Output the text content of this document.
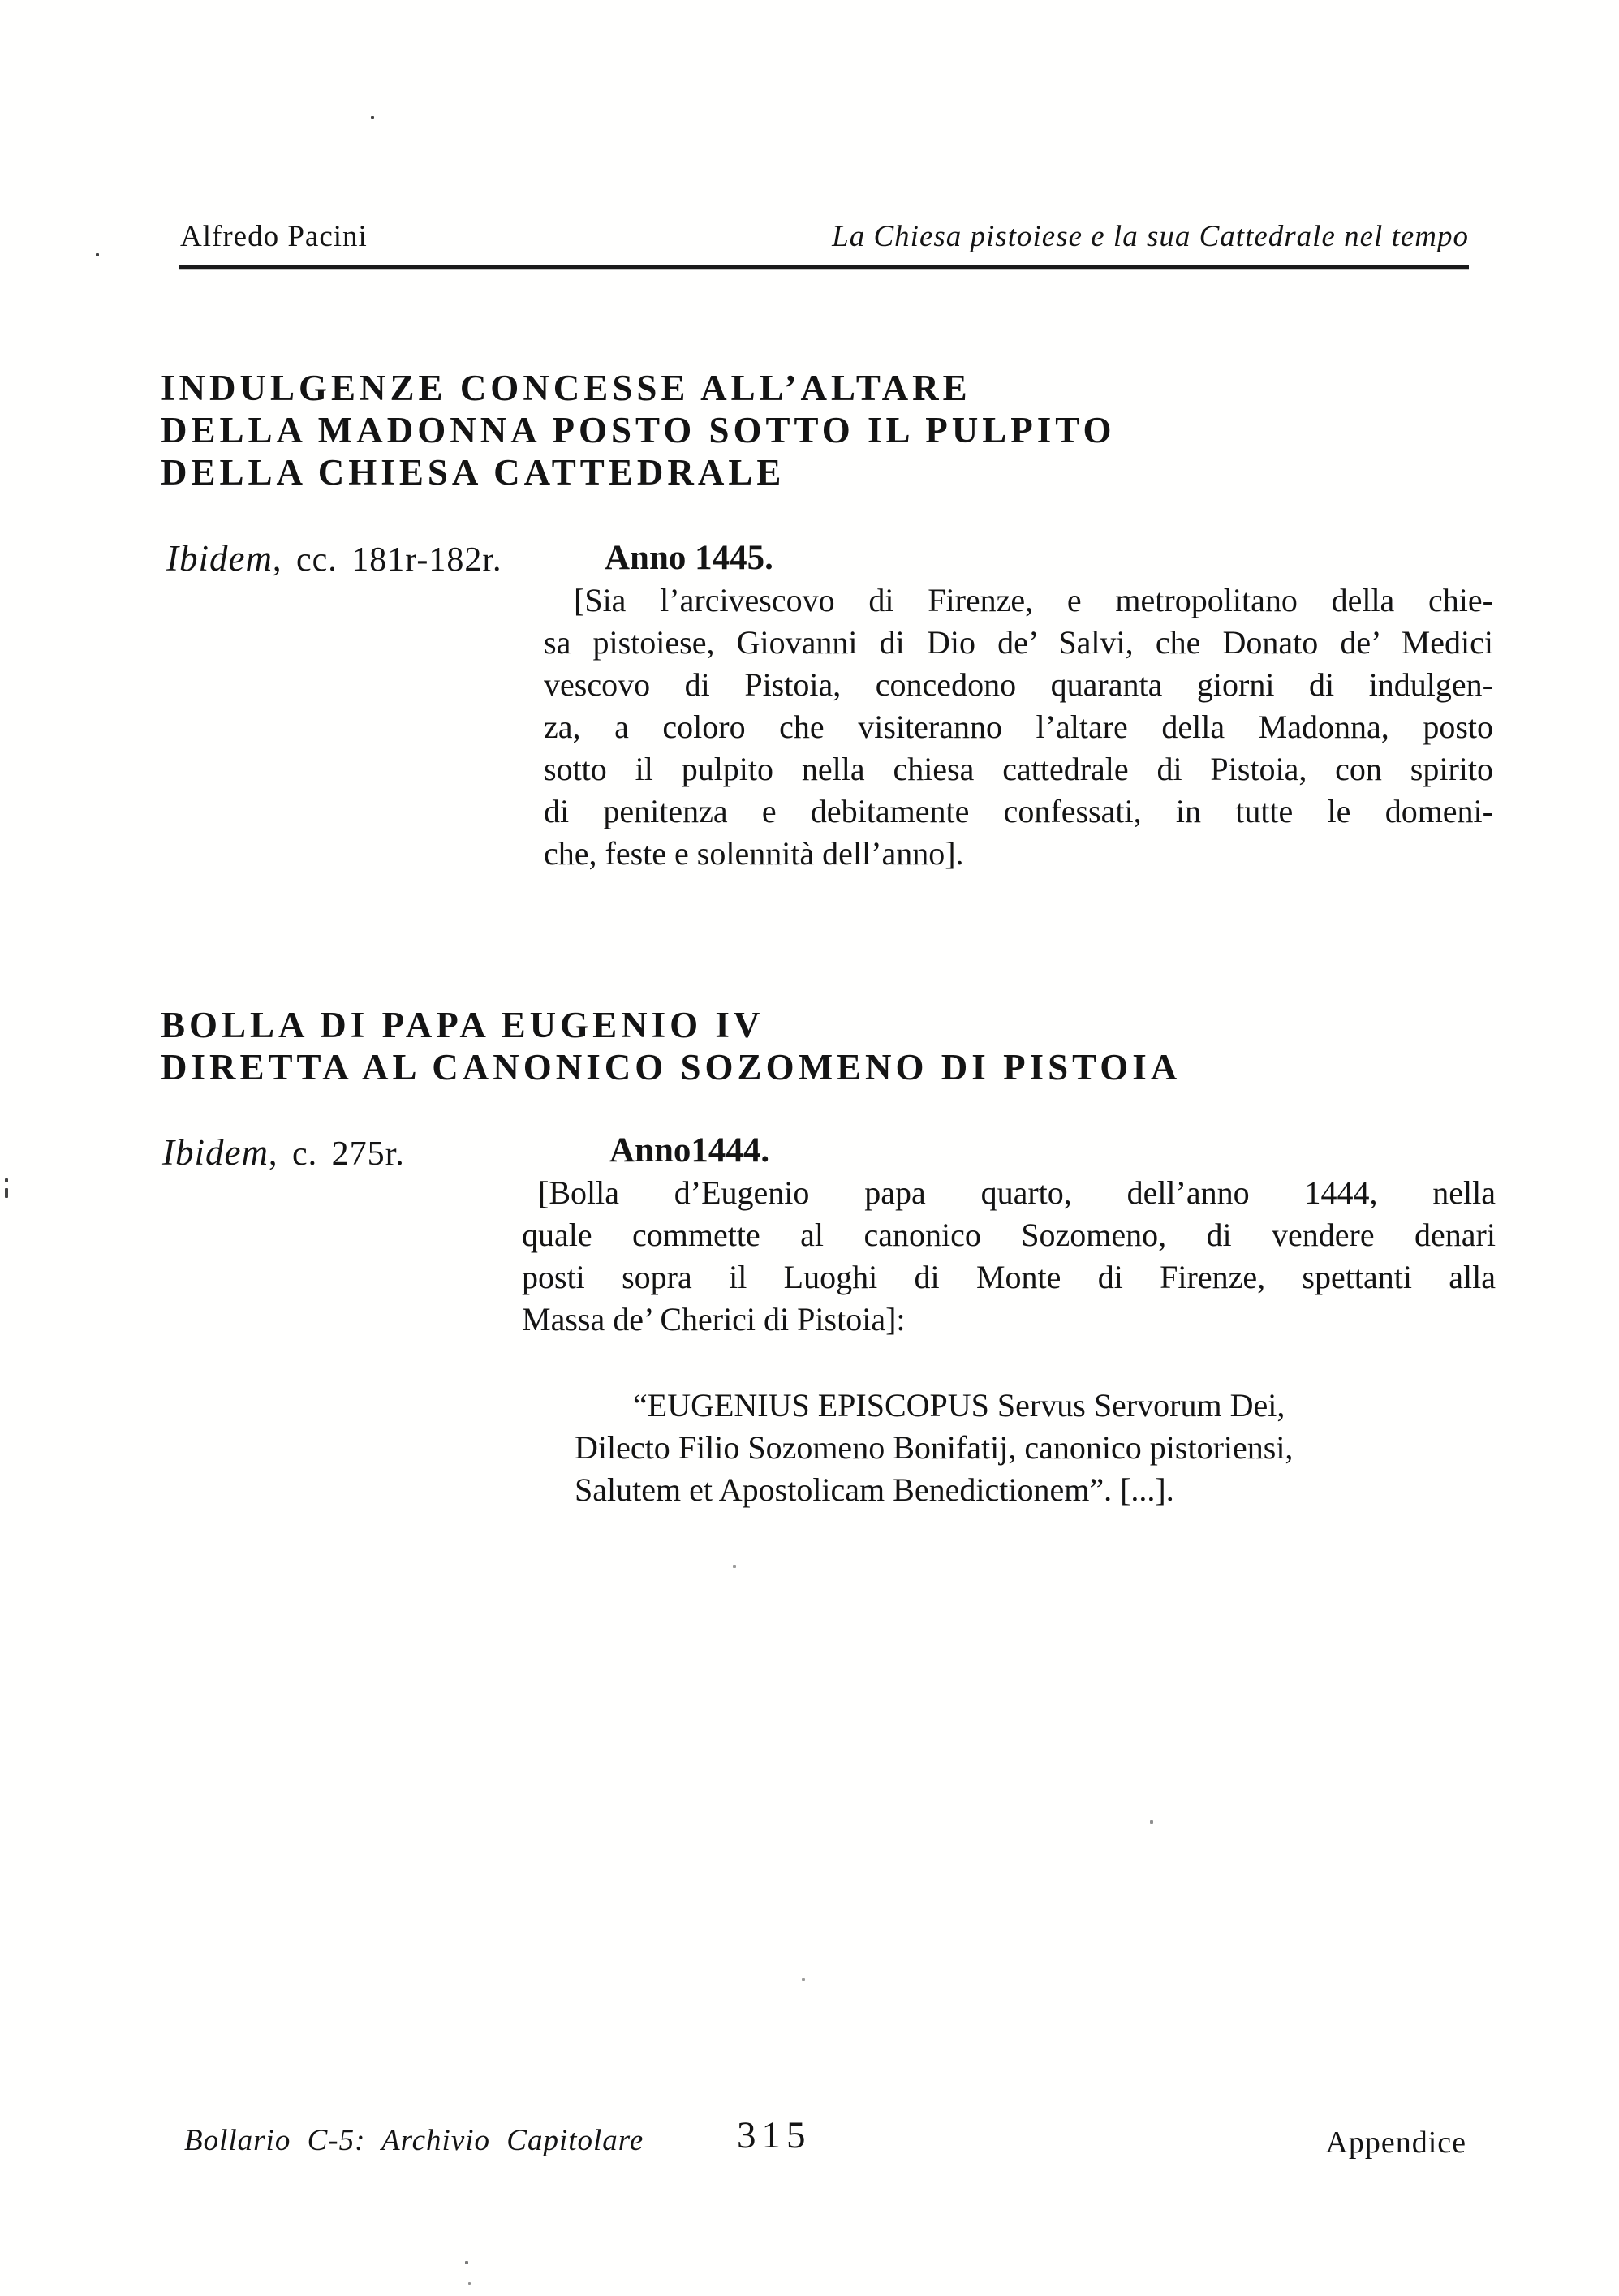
Alfredo Pacini	La Chiesa pistoiese e la sua Cattedrale nel tempo
INDULGENZE CONCESSE ALL’ALTARE
DELLA MADONNA POSTO SOTTO IL PULPITO
DELLA CHIESA CATTEDRALE
Ibidem, cc. 181r-182r.	Anno 1445.
[Sia l’arcivescovo di Firenze, e metropolitano della chie-
sa pistoiese, Giovanni di Dio de’ Salvi, che Donato de’ Medici
vescovo di Pistoia, concedono quaranta giorni di indulgen-
za, a coloro che visiteranno l’altare della Madonna, posto
sotto il pulpito nella chiesa cattedrale di Pistoia, con spirito
di penitenza e debitamente confessati, in tutte le domeni-
che, feste e solennità dell’anno].
BOLLA DI PAPA EUGENIO IV
DIRETTA AL CANONICO SOZOMENO DI PISTOIA
Ibidem, c. 275r.	Anno1444.
[Bolla d’Eugenio papa quarto, dell’anno 1444, nella
quale commette al canonico Sozomeno, di vendere denari
posti sopra il Luoghi di Monte di Firenze, spettanti alla
Massa de’ Cherici di Pistoia]:
“EUGENIUS EPISCOPUS Servus Servorum Dei,
Dilecto Filio Sozomeno Bonifatij, canonico pistoriensi,
Salutem et Apostolicam Benedictionem”. [...].
Bollario C-5: Archivio Capitolare 315	Appendice
